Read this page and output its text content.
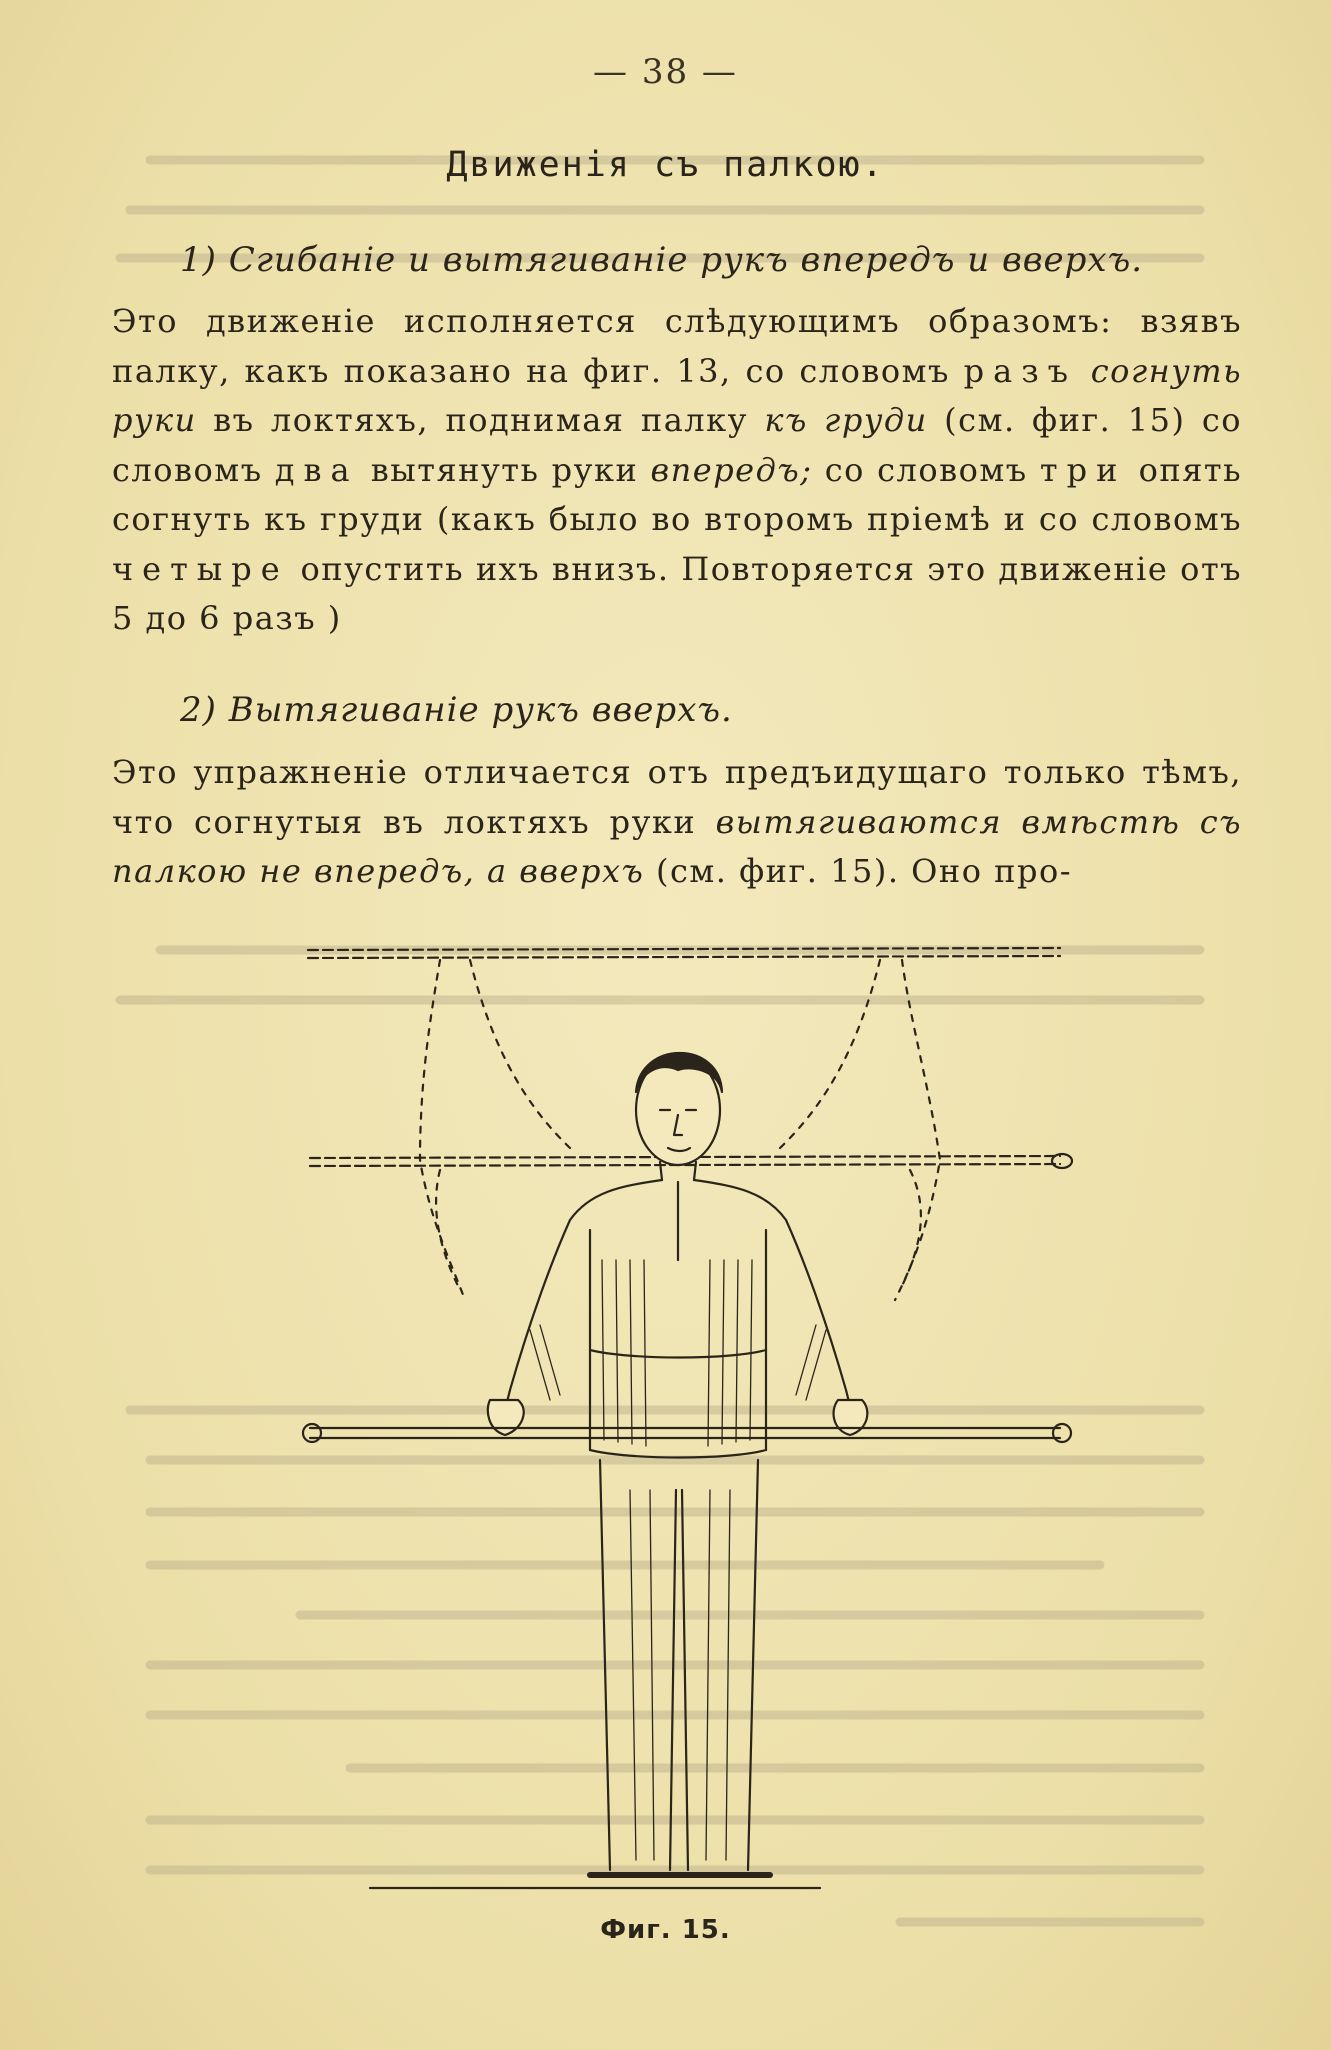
— 38 —
Движенія съ палкою.
1) Сгибаніе и вытягиваніе рукъ впередъ и вверхъ.
Это движеніе исполняется слѣдующимъ образомъ: взявъ палку, какъ показано на фиг. 13, со словомъ разъ согнуть руки въ локтяхъ, поднимая палку къ груди (см. фиг. 15) со словомъ два вытянуть руки впередъ; со словомъ три опять согнуть къ груди (какъ было во второмъ пріемѣ и со словомъ четыре опустить ихъ внизъ. Повторяется это движеніе отъ 5 до 6 разъ )
2) Вытягиваніе рукъ вверхъ.
Это упражненіе отличается отъ предъидущаго только тѣмъ, что согнутыя въ локтяхъ руки вытягиваются вмѣстѣ съ палкою не впередъ, а вверхъ (см. фиг. 15). Оно про-
Фиг. 15.
